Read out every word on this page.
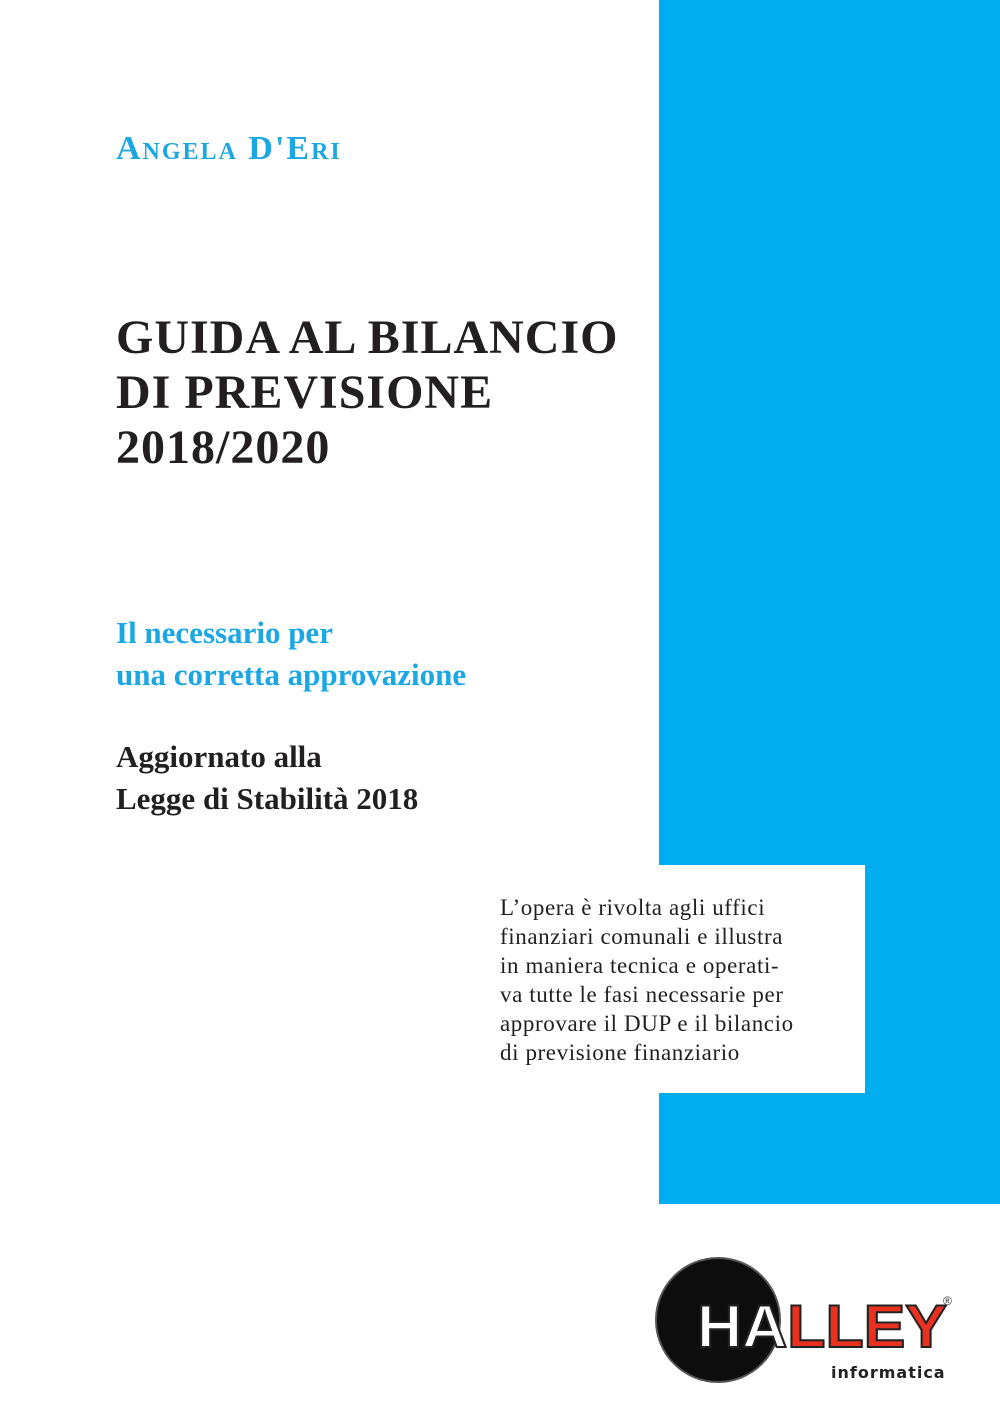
Angela D'Eri
GUIDA AL BILANCIO
DI PREVISIONE
2018/2020
Il necessario per
una corretta approvazione
Aggiornato alla
Legge di Stabilità 2018
L’opera è rivolta agli uffici
finanziari comunali e illustra
in maniera tecnica e operati-
va tutte le fasi necessarie per
approvare il DUP e il bilancio
di previsione finanziario
HALLEY ®
informatica
